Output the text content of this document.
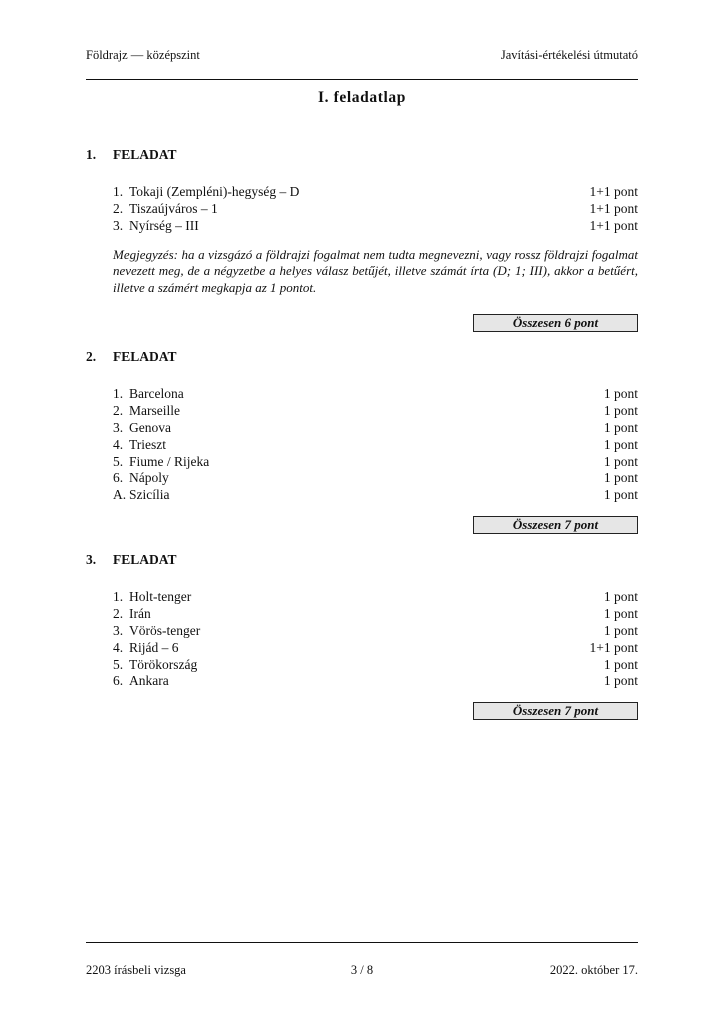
Földrajz — középszint	Javítási-értékelési útmutató
I. feladatlap
1.	FELADAT
1. Tokaji (Zempléni)-hegység – D	1+1 pont
2. Tiszaújváros – 1	1+1 pont
3. Nyírség – III	1+1 pont
Megjegyzés: ha a vizsgázó a földrajzi fogalmat nem tudta megnevezni, vagy rossz földrajzi fogalmat nevezett meg, de a négyzetbe a helyes válasz betűjét, illetve számát írta (D; 1; III), akkor a betűért, illetve a számért megkapja az 1 pontot.
Összesen 6 pont
2.	FELADAT
1. Barcelona	1 pont
2. Marseille	1 pont
3. Genova	1 pont
4. Trieszt	1 pont
5. Fiume / Rijeka	1 pont
6. Nápoly	1 pont
A. Szicília	1 pont
Összesen 7 pont
3.	FELADAT
1. Holt-tenger	1 pont
2. Irán	1 pont
3. Vörös-tenger	1 pont
4. Rijád – 6	1+1 pont
5. Törökország	1 pont
6. Ankara	1 pont
Összesen 7 pont
2203 írásbeli vizsga	3 / 8	2022. október 17.
